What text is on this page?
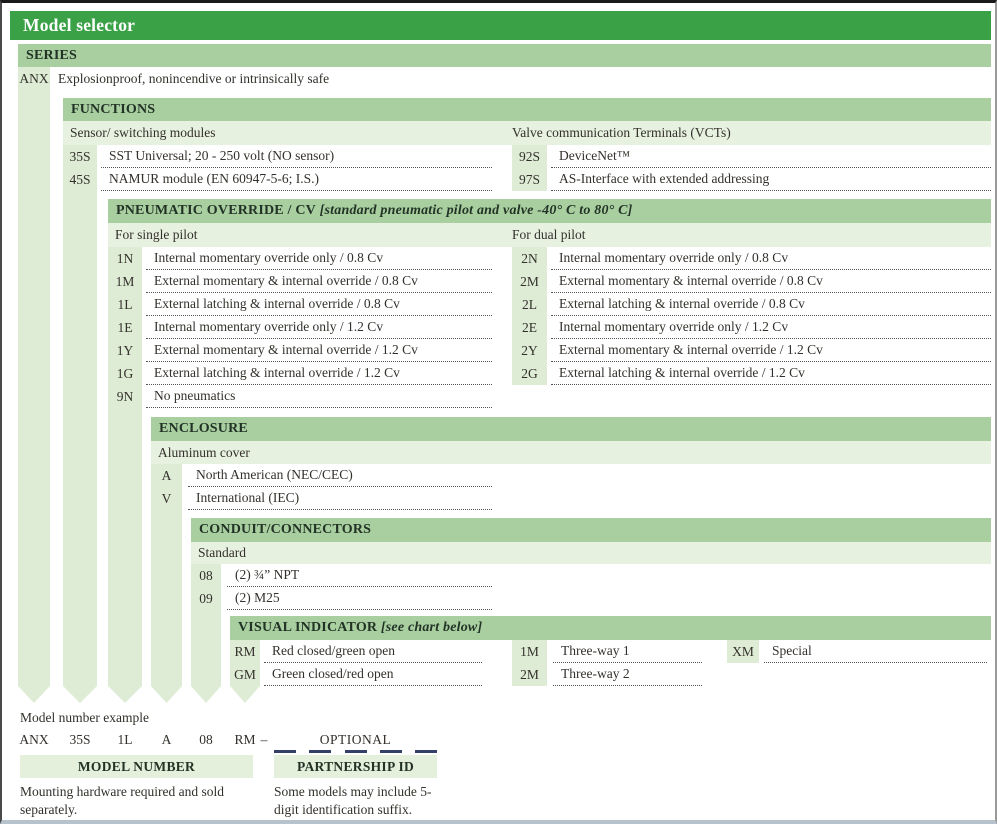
Model selector
SERIES
ANX Explosionproof, nonincendive or intrinsically safe
FUNCTIONS
Sensor/ switching modules	Valve communication Terminals (VCTs)
35S	SST Universal; 20 - 250 volt (NO sensor)	92S	DeviceNet™
45S	NAMUR module (EN 60947-5-6; I.S.)	97S	AS-Interface with extended addressing
PNEUMATIC OVERRIDE / CV [standard pneumatic pilot and valve -40° C to 80° C]
For single pilot	For dual pilot
1N	Internal momentary override only / 0.8 Cv	2N	Internal momentary override only / 0.8 Cv
1M	External momentary & internal override / 0.8 Cv	2M	External momentary & internal override / 0.8 Cv
1L	External latching & internal override / 0.8 Cv	2L	External latching & internal override / 0.8 Cv
1E	Internal momentary override only / 1.2 Cv	2E	Internal momentary override only / 1.2 Cv
1Y	External momentary & internal override / 1.2 Cv	2Y	External momentary & internal override / 1.2 Cv
1G	External latching & internal override / 1.2 Cv	2G	External latching & internal override / 1.2 Cv
9N	No pneumatics
ENCLOSURE
Aluminum cover
A	North American (NEC/CEC)
V	International (IEC)
CONDUIT/CONNECTORS
Standard
08	(2) ¾” NPT
09	(2) M25
VISUAL INDICATOR [see chart below]
RM	Red closed/green open	1M	Three-way 1	XM	Special
GM	Green closed/red open	2M	Three-way 2
Model number example
ANX	35S	1L	A	08	RM –	OPTIONAL
MODEL NUMBER	PARTNERSHIP ID
Mounting hardware required and sold separately.
Some models may include 5-digit identification suffix.
